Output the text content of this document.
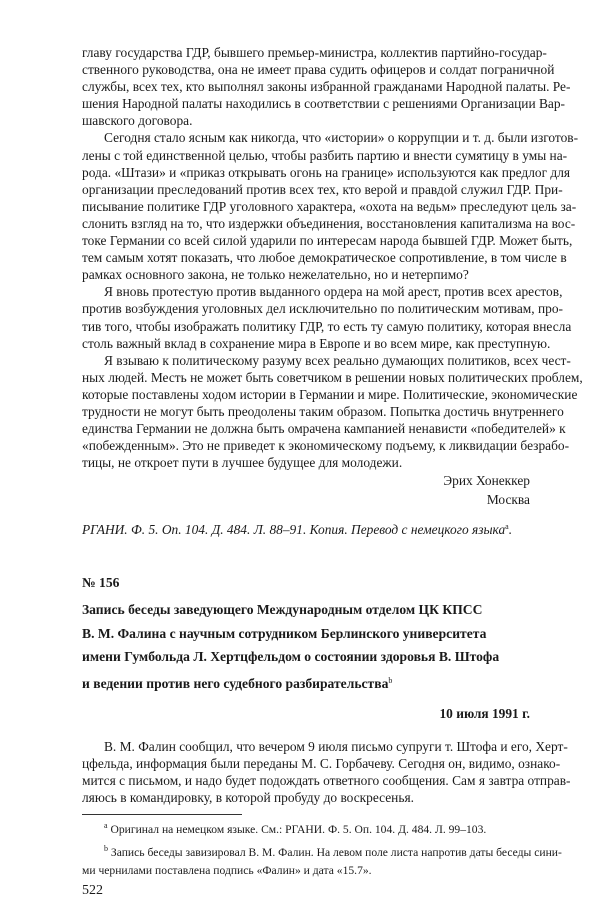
главу государства ГДР, бывшего премьер-министра, коллектив партийно-государ-
ственного руководства, она не имеет права судить офицеров и солдат пограничной
службы, всех тех, кто выполнял законы избранной гражданами Народной палаты. Ре-
шения Народной палаты находились в соответствии с решениями Организации Вар-
шавского договора.
Сегодня стало ясным как никогда, что «истории» о коррупции и т. д. были изготов-
лены с той единственной целью, чтобы разбить партию и внести сумятицу в умы на-
рода. «Штази» и «приказ открывать огонь на границе» используются как предлог для
организации преследований против всех тех, кто верой и правдой служил ГДР. При-
писывание политике ГДР уголовного характера, «охота на ведьм» преследуют цель за-
слонить взгляд на то, что издержки объединения, восстановления капитализма на вос-
токе Германии со всей силой ударили по интересам народа бывшей ГДР. Может быть,
тем самым хотят показать, что любое демократическое сопротивление, в том числе в
рамках основного закона, не только нежелательно, но и нетерпимо?
Я вновь протестую против выданного ордера на мой арест, против всех арестов,
против возбуждения уголовных дел исключительно по политическим мотивам, про-
тив того, чтобы изображать политику ГДР, то есть ту самую политику, которая внесла
столь важный вклад в сохранение мира в Европе и во всем мире, как преступную.
Я взываю к политическому разуму всех реально думающих политиков, всех чест-
ных людей. Месть не может быть советчиком в решении новых политических проблем,
которые поставлены ходом истории в Германии и мире. Политические, экономические
трудности не могут быть преодолены таким образом. Попытка достичь внутреннего
единства Германии не должна быть омрачена кампанией ненависти «победителей» к
«побежденным». Это не приведет к экономическому подъему, к ликвидации безрабо-
тицы, не откроет пути в лучшее будущее для молодежи.
Эрих Хонеккер
Москва
РГАНИ. Ф. 5. Оп. 104. Д. 484. Л. 88–91. Копия. Перевод с немецкого языка$^a$.
№ 156
Запись беседы заведующего Международным отделом ЦК КПСС
В. М. Фалина с научным сотрудником Берлинского университета
имени Гумбольда Л. Хертцфельдом о состоянии здоровья В. Штофа
и ведении против него судебного разбирательства$^b$
10 июля 1991 г.
В. М. Фалин сообщил, что вечером 9 июля письмо супруги т. Штофа и его, Херт-
цфельда, информация были переданы М. С. Горбачеву. Сегодня он, видимо, ознако-
мится с письмом, и надо будет подождать ответного сообщения. Сам я завтра отправ-
ляюсь в командировку, в которой пробуду до воскресенья.
$^a$ Оригинал на немецком языке. См.: РГАНИ. Ф. 5. Оп. 104. Д. 484. Л. 99–103.
$^b$ Запись беседы завизировал В. М. Фалин. На левом поле листа напротив даты беседы сини-
ми чернилами поставлена подпись «Фалин» и дата «15.7».
522
